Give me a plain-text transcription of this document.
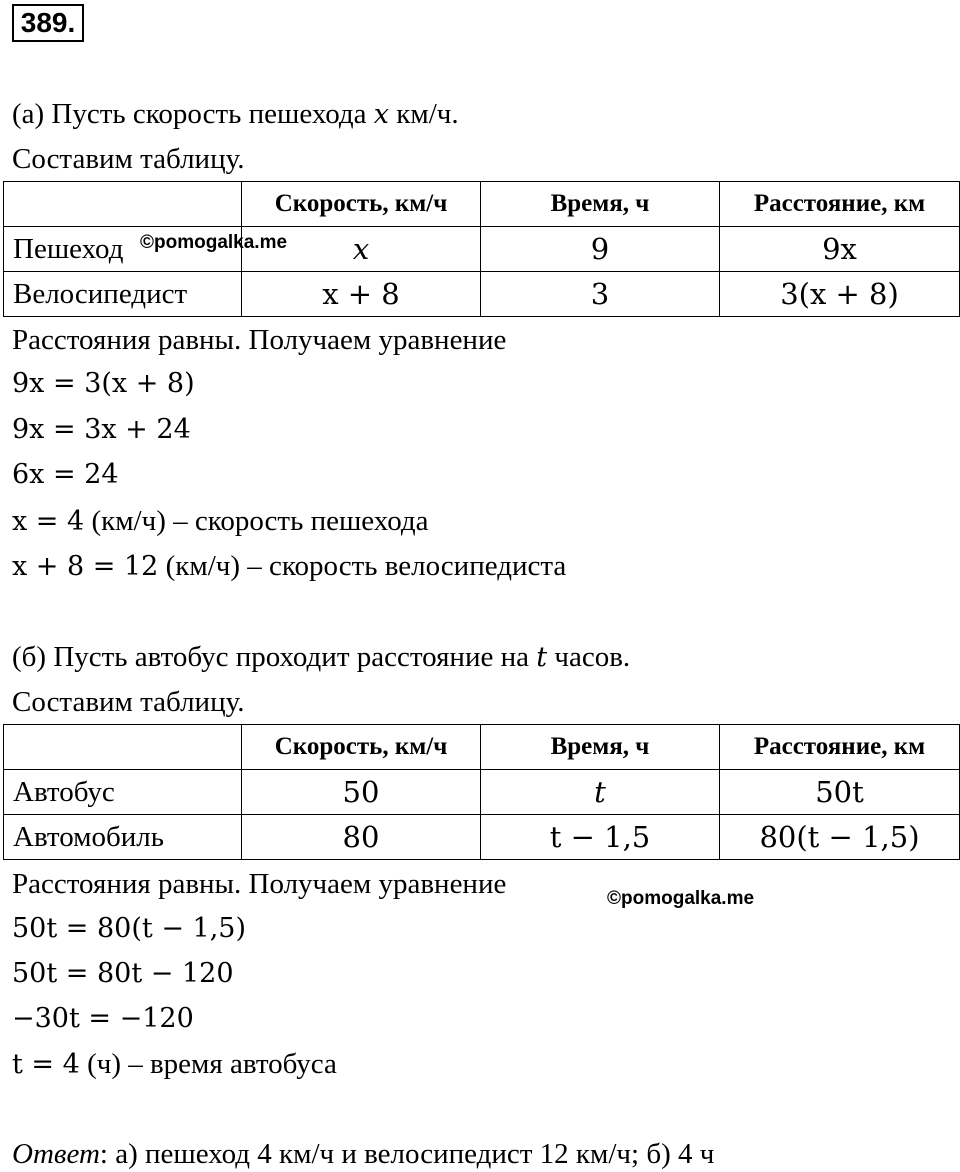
389.
(а) Пусть скорость пешехода x км/ч.
Составим таблицу.
	Скорость, км/ч	Время, ч	Расстояние, км
Пешеход	x	9	9x
Велосипедист	x + 8	3	3(x + 8)
Расстояния равны. Получаем уравнение
9x = 3(x + 8)
9x = 3x + 24
6x = 24
x = 4 (км/ч) – скорость пешехода
x + 8 = 12 (км/ч) – скорость велосипедиста
(б) Пусть автобус проходит расстояние на t часов.
Составим таблицу.
	Скорость, км/ч	Время, ч	Расстояние, км
Автобус	50	t	50t
Автомобиль	80	t − 1,5	80(t − 1,5)
Расстояния равны. Получаем уравнение
50t = 80(t − 1,5)
50t = 80t − 120
−30t = −120
t = 4 (ч) – время автобуса
Ответ: а) пешеход 4 км/ч и велосипедист 12 км/ч; б) 4 ч
©pomogalka.me
©pomogalka.me
